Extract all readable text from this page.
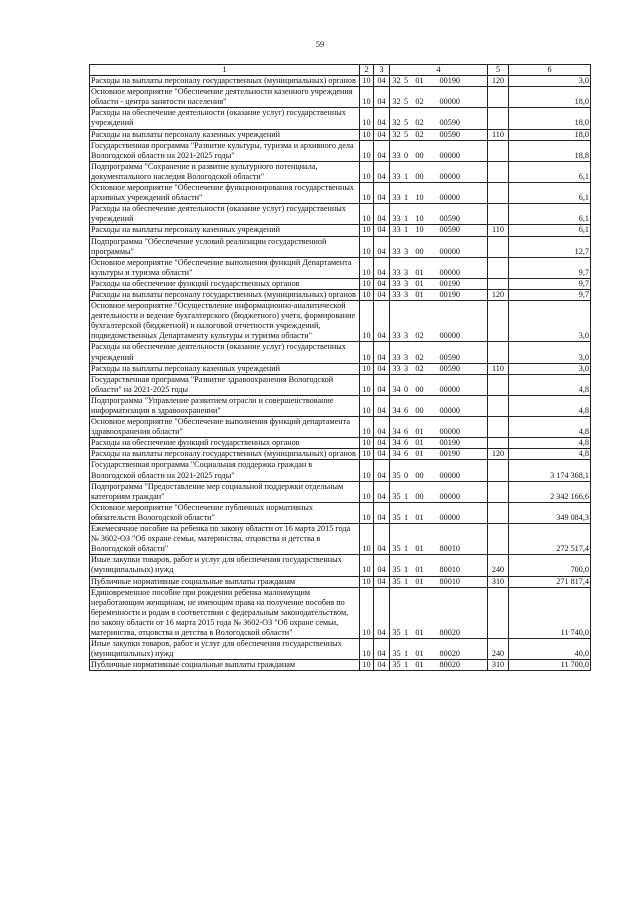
59
1	2	3	4	5	6
Расходы на выплаты персоналу государственных (муниципальных) органов	10	04	32 5 01 00190	120	3,0
Основное мероприятие "Обеспечение деятельности казенного учреждения области - центра занятости населения"	10	04	32 5 02 00000		18,0
Расходы на обеспечение деятельности (оказание услуг) государственных учреждений	10	04	32 5 02 00590		18,0
Расходы на выплаты персоналу казенных учреждений	10	04	32 5 02 00590	110	18,0
Государственная программа "Развитие культуры, туризма и архивного дела Вологодской области на 2021-2025 годы"	10	04	33 0 00 00000		18,8
Подпрограмма "Сохранение и развитие культурного потенциала, документального наследия Вологодской области"	10	04	33 1 00 00000		6,1
Основное мероприятие "Обеспечение функционирования государственных архивных учреждений области"	10	04	33 1 10 00000		6,1
Расходы на обеспечение деятельности (оказание услуг) государственных учреждений	10	04	33 1 10 00590		6,1
Расходы на выплаты персоналу казенных учреждений	10	04	33 1 10 00590	110	6,1
Подпрограмма "Обеспечение условий реализации государственной программы"	10	04	33 3 00 00000		12,7
Основное мероприятие "Обеспечение выполнения функций Департамента культуры и туризма области"	10	04	33 3 01 00000		9,7
Расходы на обеспечение функций государственных органов	10	04	33 3 01 00190		9,7
Расходы на выплаты персоналу государственных (муниципальных) органов	10	04	33 3 01 00190	120	9,7
Основное мероприятие "Осуществление информационно-аналитической деятельности и ведение бухгалтерского (бюджетного) учета, формирование бухгалтерской (бюджетной) и налоговой отчетности учреждений, подведомственных Департаменту культуры и туризма области"	10	04	33 3 02 00000		3,0
Расходы на обеспечение деятельности (оказание услуг) государственных учреждений	10	04	33 3 02 00590		3,0
Расходы на выплаты персоналу казенных учреждений	10	04	33 3 02 00590	110	3,0
Государственная программа "Развитие здравоохранения Вологодской области" на 2021-2025 годы	10	04	34 0 00 00000		4,8
Подпрограмма "Управление развитием отрасли и совершенствование информатизации в здравоохранении"	10	04	34 6 00 00000		4,8
Основное мероприятие "Обеспечение выполнения функций департамента здравоохранения области"	10	04	34 6 01 00000		4,8
Расходы на обеспечение функций государственных органов	10	04	34 6 01 00190		4,8
Расходы на выплаты персоналу государственных (муниципальных) органов	10	04	34 6 01 00190	120	4,8
Государственная программа "Социальная поддержка граждан в Вологодской области на 2021-2025 годы"	10	04	35 0 00 00000		3 174 368,1
Подпрограмма "Предоставление мер социальной поддержки отдельным категориям граждан"	10	04	35 1 00 00000		2 342 166,6
Основное мероприятие "Обеспечение публичных нормативных обязательств Вологодской области"	10	04	35 1 01 00000		349 084,3
Ежемесячное пособие на ребенка по закону области от 16 марта 2015 года № 3602-ОЗ "Об охране семьи, материнства, отцовства и детства в Вологодской области"	10	04	35 1 01 80010		272 517,4
Иные закупки товаров, работ и услуг для обеспечения государственных (муниципальных) нужд	10	04	35 1 01 80010	240	700,0
Публичные нормативные социальные выплаты гражданам	10	04	35 1 01 80010	310	271 817,4
Единовременное пособие при рождении ребенка малоимущим неработающим женщинам, не имеющим права на получение пособия по беременности и родам в соответствии с федеральным законодательством, по закону области от 16 марта 2015 года № 3602-ОЗ "Об охране семьи, материнства, отцовства и детства в Вологодской области"	10	04	35 1 01 80020		11 740,0
Иные закупки товаров, работ и услуг для обеспечения государственных (муниципальных) нужд	10	04	35 1 01 80020	240	40,0
Публичные нормативные социальные выплаты гражданам	10	04	35 1 01 80020	310	11 700,0
